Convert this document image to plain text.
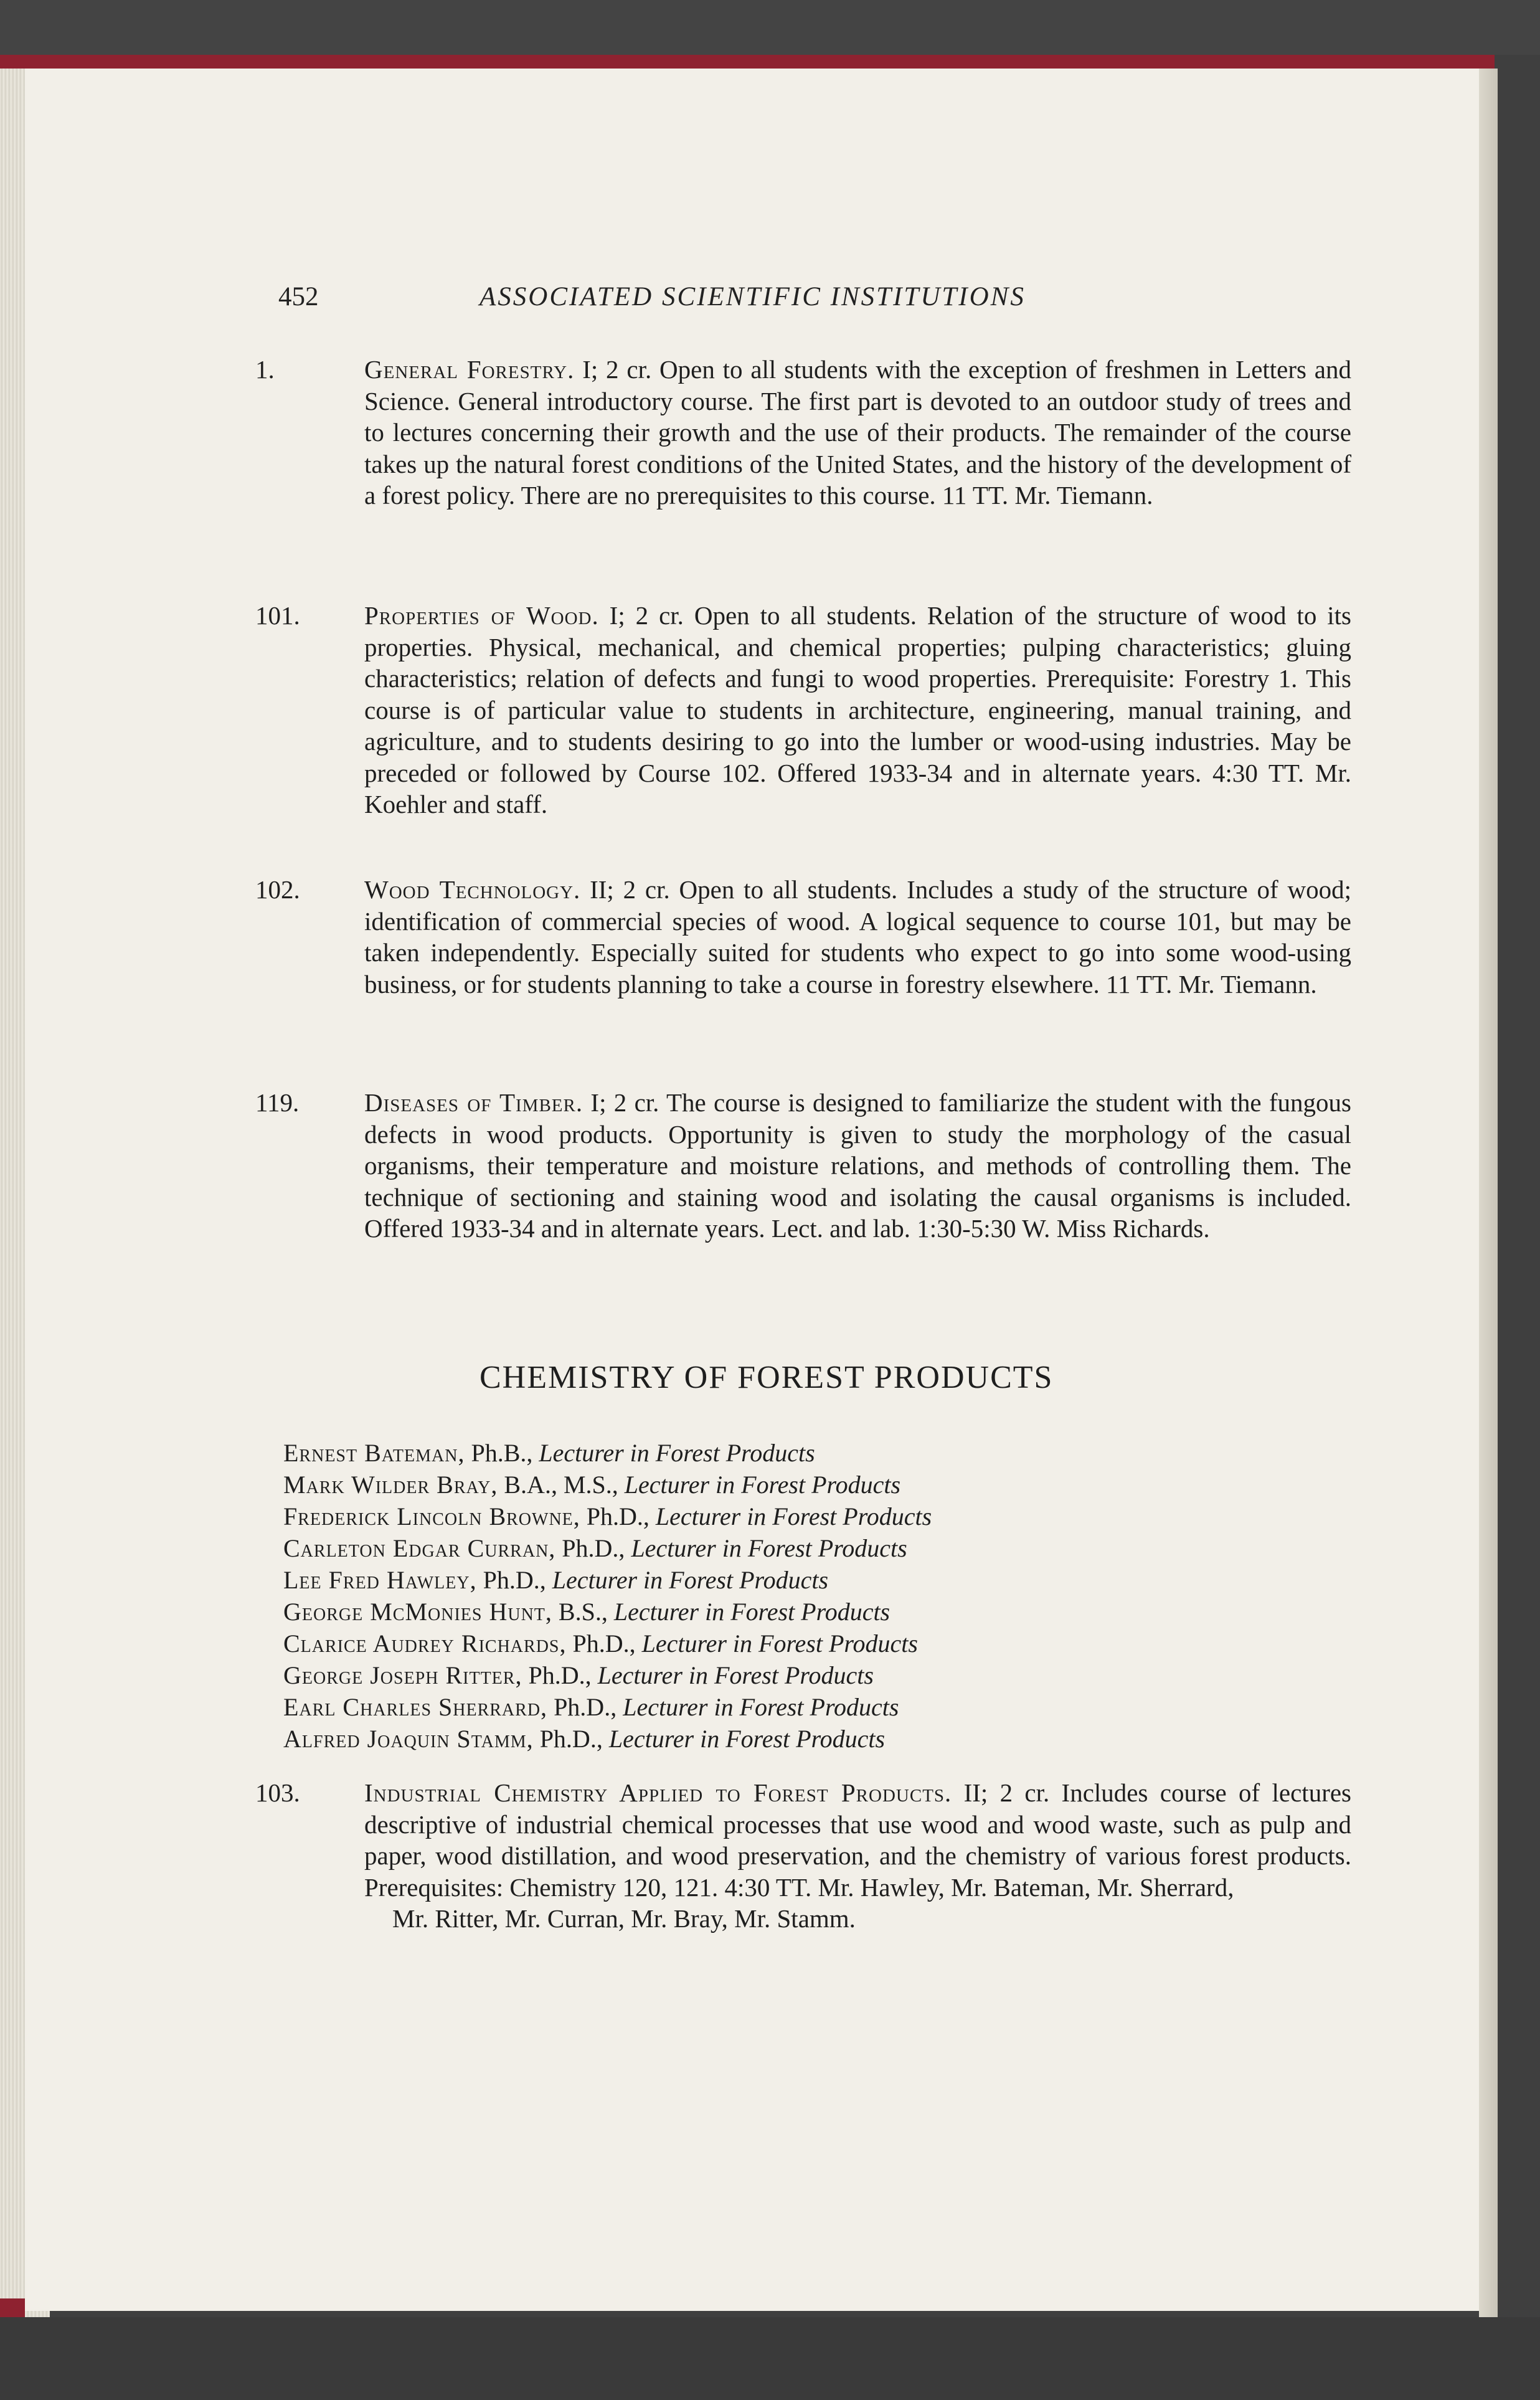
452	ASSOCIATED SCIENTIFIC INSTITUTIONS
1.	General Forestry. I; 2 cr. Open to all students with the exception of freshmen in Letters and Science. General introductory course. The first part is devoted to an outdoor study of trees and to lectures concerning their growth and the use of their products. The remainder of the course takes up the natural forest conditions of the United States, and the history of the development of a forest policy. There are no prerequisites to this course. 11 TT. Mr. Tiemann.
101.	Properties of Wood. I; 2 cr. Open to all students. Relation of the structure of wood to its properties. Physical, mechanical, and chemical properties; pulping characteristics; gluing characteristics; relation of defects and fungi to wood properties. Prerequisite: Forestry 1. This course is of particular value to students in architecture, engineering, manual training, and agriculture, and to students desiring to go into the lumber or wood-using industries. May be preceded or followed by Course 102. Offered 1933-34 and in alternate years. 4:30 TT. Mr. Koehler and staff.
102.	Wood Technology. II; 2 cr. Open to all students. Includes a study of the structure of wood; identification of commercial species of wood. A logical sequence to course 101, but may be taken independently. Especially suited for students who expect to go into some wood-using business, or for students planning to take a course in forestry elsewhere. 11 TT. Mr. Tiemann.
119.	Diseases of Timber. I; 2 cr. The course is designed to familiarize the student with the fungous defects in wood products. Opportunity is given to study the morphology of the casual organisms, their temperature and moisture relations, and methods of controlling them. The technique of sectioning and staining wood and isolating the causal organisms is included. Offered 1933-34 and in alternate years. Lect. and lab. 1:30-5:30 W. Miss Richards.
CHEMISTRY OF FOREST PRODUCTS
Ernest Bateman, Ph.B., Lecturer in Forest Products
Mark Wilder Bray, B.A., M.S., Lecturer in Forest Products
Frederick Lincoln Browne, Ph.D., Lecturer in Forest Products
Carleton Edgar Curran, Ph.D., Lecturer in Forest Products
Lee Fred Hawley, Ph.D., Lecturer in Forest Products
George McMonies Hunt, B.S., Lecturer in Forest Products
Clarice Audrey Richards, Ph.D., Lecturer in Forest Products
George Joseph Ritter, Ph.D., Lecturer in Forest Products
Earl Charles Sherrard, Ph.D., Lecturer in Forest Products
Alfred Joaquin Stamm, Ph.D., Lecturer in Forest Products
103.	Industrial Chemistry Applied to Forest Products. II; 2 cr. Includes course of lectures descriptive of industrial chemical processes that use wood and wood waste, such as pulp and paper, wood distillation, and wood preservation, and the chemistry of various forest products. Prerequisites: Chemistry 120, 121. 4:30 TT. Mr. Hawley, Mr. Bateman, Mr. Sherrard,
Mr. Ritter, Mr. Curran, Mr. Bray, Mr. Stamm.
